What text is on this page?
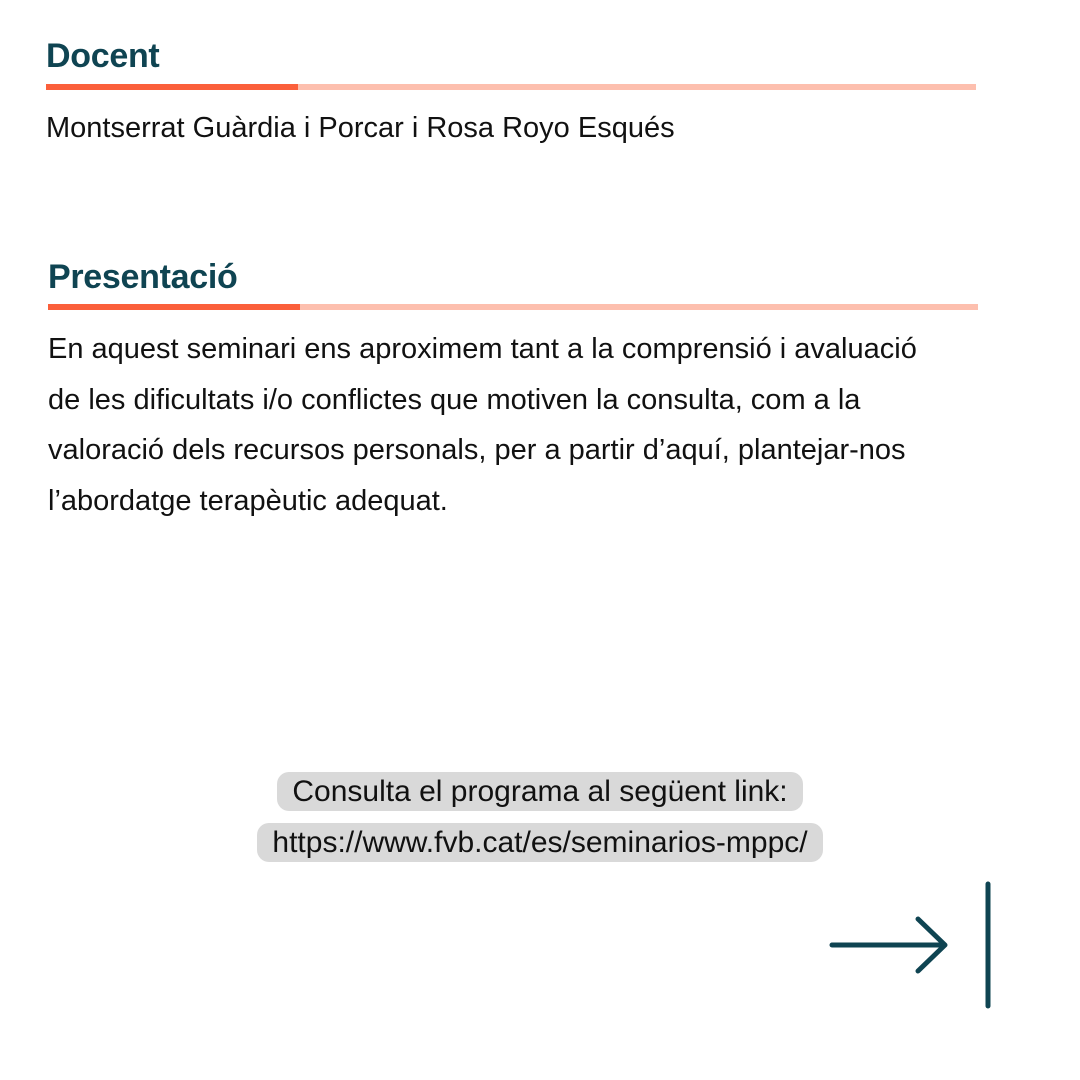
Docent

Montserrat Guàrdia i Porcar i Rosa Royo Esqués

Presentació

En aquest seminari ens aproximem tant a la comprensió i avaluació de les dificultats i/o conflictes que motiven la consulta, com a la valoració dels recursos personals, per a partir d’aquí, plantejar-nos l’abordatge terapèutic adequat.

Consulta el programa al següent link:
https://www.fvb.cat/es/seminarios-mppc/
